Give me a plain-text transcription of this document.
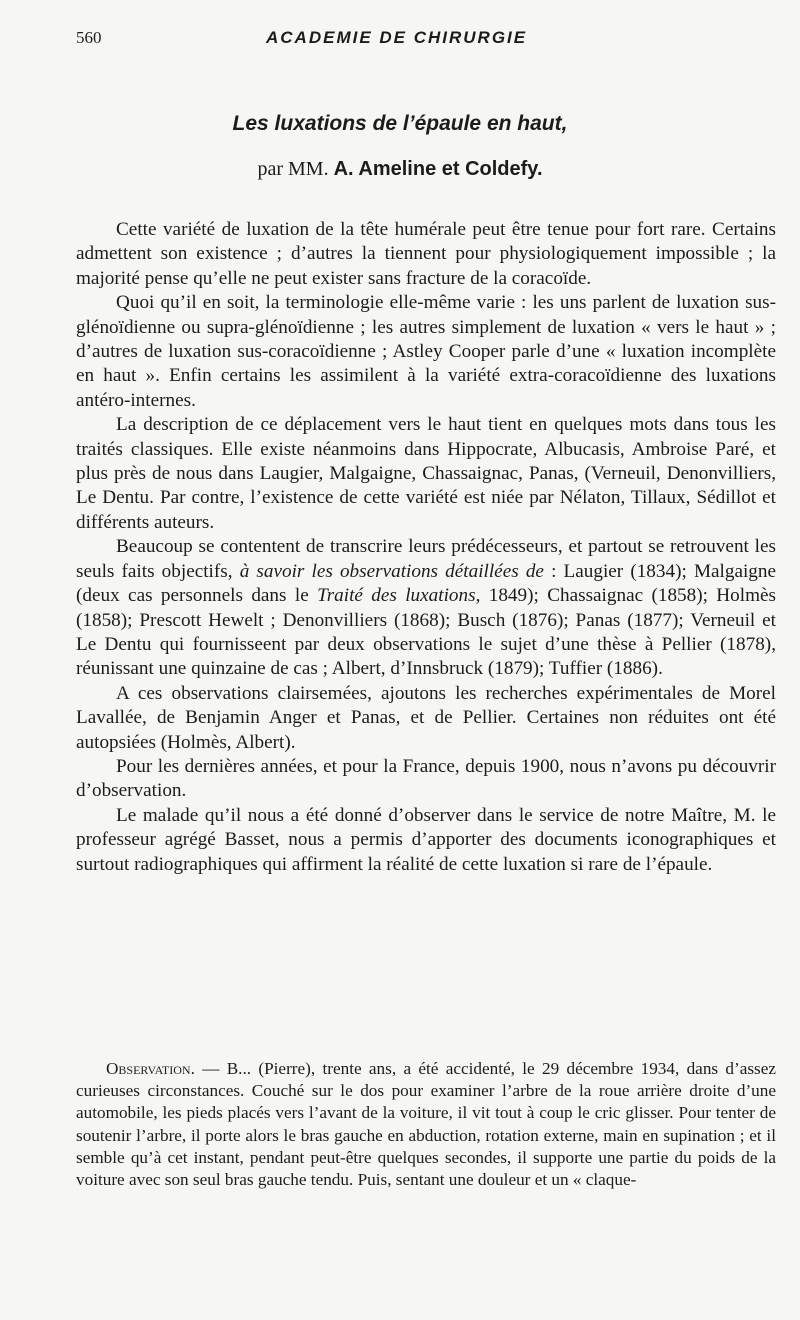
560	ACADEMIE DE CHIRURGIE
Les luxations de l’épaule en haut,
par MM. A. Ameline et Coldefy.

Cette variété de luxation de la tête humérale peut être tenue pour fort rare. Certains admettent son existence ; d’autres la tiennent pour physiologiquement impossible ; la majorité pense qu’elle ne peut exister sans fracture de la coracoïde.

Quoi qu’il en soit, la terminologie elle-même varie : les uns parlent de luxation sus-glénoïdienne ou supra-glénoïdienne ; les autres simplement de luxation « vers le haut » ; d’autres de luxation sus-coracoïdienne ; Astley Cooper parle d’une « luxation incomplète en haut ». Enfin certains les assimilent à la variété extra-coracoïdienne des luxations antéro-internes.

La description de ce déplacement vers le haut tient en quelques mots dans tous les traités classiques. Elle existe néanmoins dans Hippocrate, Albucasis, Ambroise Paré, et plus près de nous dans Laugier, Malgaigne, Chassaignac, Panas, (Verneuil, Denonvilliers, Le Dentu. Par contre, l’existence de cette variété est niée par Nélaton, Tillaux, Sédillot et différents auteurs.

Beaucoup se contentent de transcrire leurs prédécesseurs, et partout se retrouvent les seuls faits objectifs, à savoir les observations détaillées de : Laugier (1834); Malgaigne (deux cas personnels dans le Traité des luxations, 1849); Chassaignac (1858); Holmès (1858); Prescott Hewelt ; Denonvilliers (1868); Busch (1876); Panas (1877); Verneuil et Le Dentu qui fournisseent par deux observations le sujet d’une thèse à Pellier (1878), réunissant une quinzaine de cas ; Albert, d’Innsbruck (1879); Tuffier (1886).

A ces observations clairsemées, ajoutons les recherches expérimentales de Morel Lavallée, de Benjamin Anger et Panas, et de Pellier. Certaines non réduites ont été autopsiées (Holmès, Albert).

Pour les dernières années, et pour la France, depuis 1900, nous n’avons pu découvrir d’observation.

Le malade qu’il nous a été donné d’observer dans le service de notre Maître, M. le professeur agrégé Basset, nous a permis d’apporter des documents iconographiques et surtout radiographiques qui affirment la réalité de cette luxation si rare de l’épaule.

Observation. — B... (Pierre), trente ans, a été accidenté, le 29 décembre 1934, dans d’assez curieuses circonstances. Couché sur le dos pour examiner l’arbre de la roue arrière droite d’une automobile, les pieds placés vers l’avant de la voiture, il vit tout à coup le cric glisser. Pour tenter de soutenir l’arbre, il porte alors le bras gauche en abduction, rotation externe, main en supination ; et il semble qu’à cet instant, pendant peut-être quelques secondes, il supporte une partie du poids de la voiture avec son seul bras gauche tendu. Puis, sentant une douleur et un « claque-
